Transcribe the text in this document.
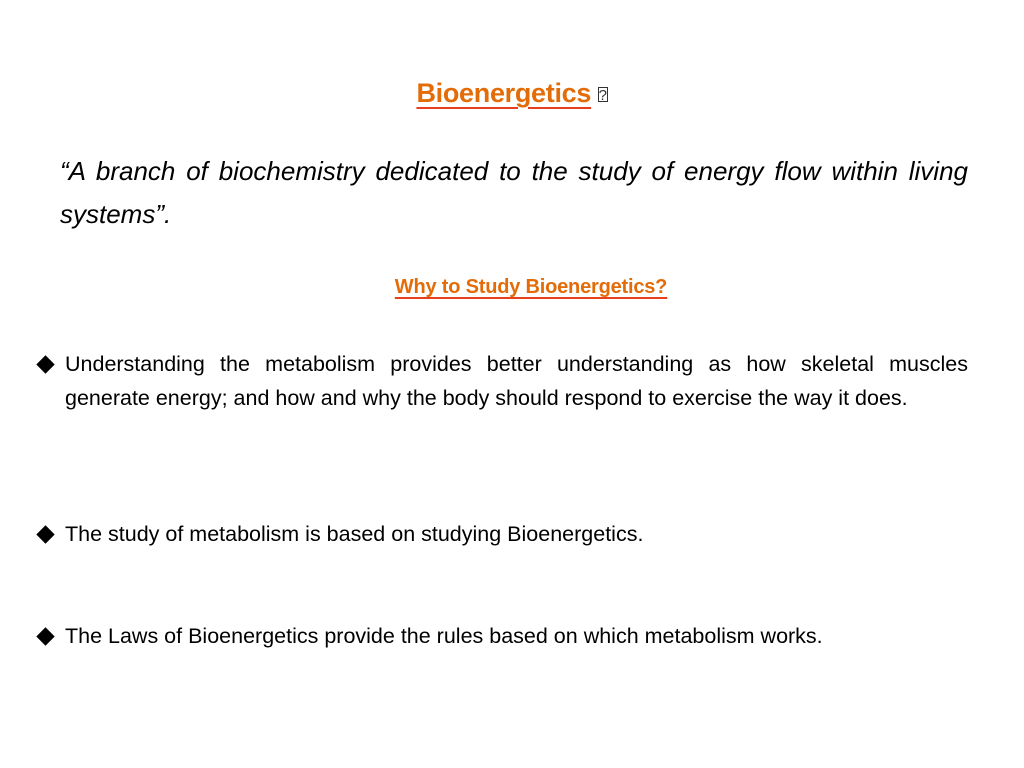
Bioenergetics ?
“A branch of biochemistry dedicated to the study of energy flow within living systems”.
Why to Study Bioenergetics?
Understanding the metabolism provides better understanding as how skeletal muscles generate energy; and how and why the body should respond to exercise the way it does.
The study of metabolism is based on studying Bioenergetics.
The Laws of Bioenergetics provide the rules based on which metabolism works.
